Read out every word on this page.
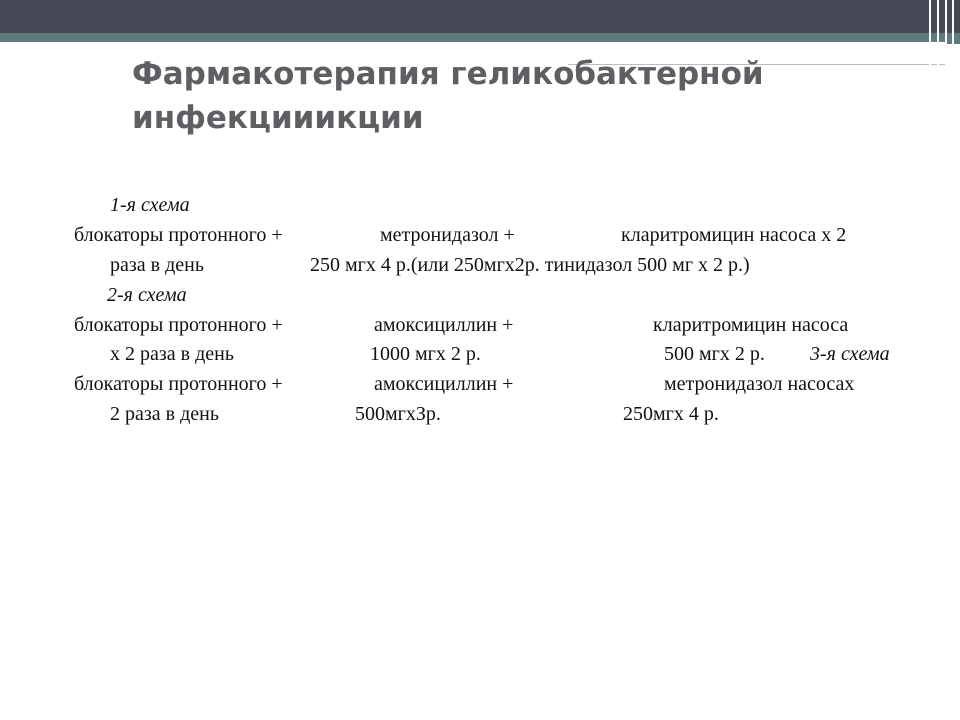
Фармакотерапия геликобактерной
инфекцииикции
1-я схема
блокаторы протонного +	метронидазол +	кларитромицин насоса х 2
раза в день	250 мгх 4 р.(или 250мгх2р. тинидазол 500 мг х 2 р.)
2-я схема
блокаторы протонного +	амоксициллин +	кларитромицин насоса
х 2 раза в день	1000 мгх 2 р.	500 мгх 2 р. 3-я схема
блокаторы протонного +	амоксициллин +	метронидазол насосах
2 раза в день	500мгхЗр.	250мгх 4 р.
